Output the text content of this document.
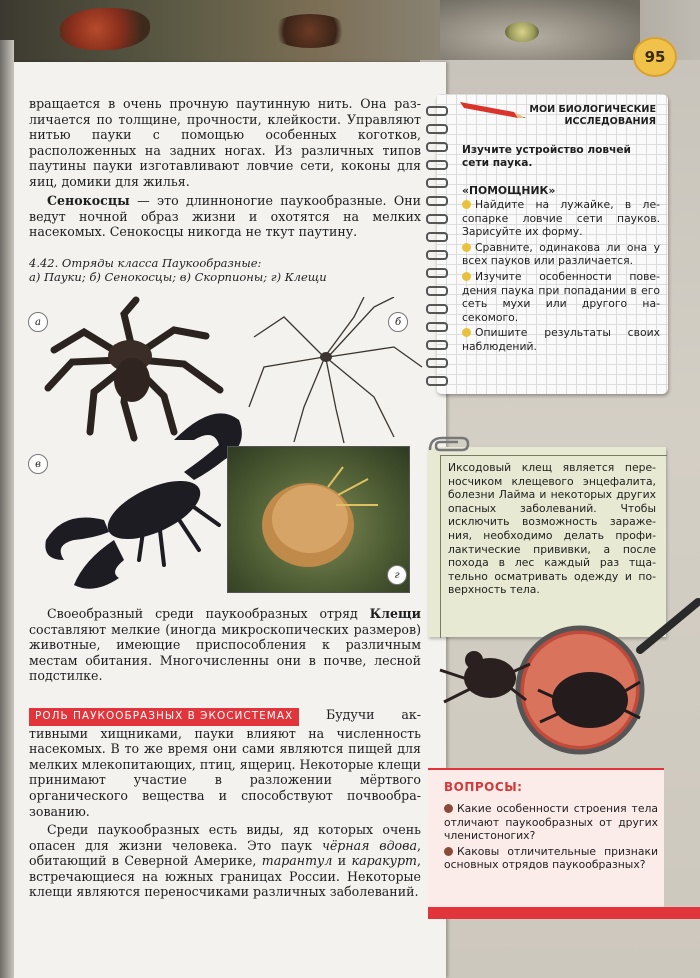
95
вращается в очень прочную паутинную нить. Она различается по толщине, прочности, клейкости. Управляют нитью пауки с помощью особенных коготков, расположенных на задних ногах. Из различных типов паутины пауки изготавливают ловчие сети, коконы для яиц, домики для жилья.
Сенокосцы — это длинноногие паукообразные. Они ведут ночной образ жизни и охотятся на мелких насекомых. Сенокосцы никогда не ткут паутину.
4.42. Отряды класса Паукообразные:
а) Пауки; б) Сенокосцы; в) Скорпионы; г) Клещи
а	б
в
г
Своеобразный среди паукообразных отряд Клещи составляют мелкие (иногда микроскопических размеров) животные, имеющие приспособления к различным местам обитания. Многочисленны они в почве, лесной подстилке.
РОЛЬ ПАУКООБРАЗНЫХ В ЭКОСИСТЕМАХ	Будучи активными хищниками, пауки влияют на численность насекомых. В то же время они сами являются пищей для мелких млекопитающих, птиц, ящериц. Некоторые клещи принимают участие в разложении мёртвого органического вещества и способствуют почвообразованию.
Среди паукообразных есть виды, яд которых очень опасен для жизни человека. Это паук чёрная вдова, обитающий в Северной Америке, тарантул и каракурт, встречающиеся на южных границах России. Некоторые клещи являются переносчиками различных заболеваний.
МОИ БИОЛОГИЧЕСКИЕ ИССЛЕДОВАНИЯ
Изучите устройство ловчей сети паука.
«ПОМОЩНИК»
Найдите на лужайке, в лесопарке ловчие сети пауков. Зарисуйте их форму.
Сравните, одинакова ли она у всех пауков или различается.
Изучите особенности поведения паука при попадании в его сеть мухи или другого насекомого.
Опишите результаты своих наблюдений.
Иксодовый клещ является переносчиком клещевого энцефалита, болезни Лайма и некоторых других опасных заболеваний. Чтобы исключить возможность заражения, необходимо делать профилактические прививки, а после похода в лес каждый раз тщательно осматривать одежду и поверхность тела.
ВОПРОСЫ:
Какие особенности строения тела отличают паукообразных от других членистоногих?
Каковы отличительные признаки основных отрядов паукообразных?
